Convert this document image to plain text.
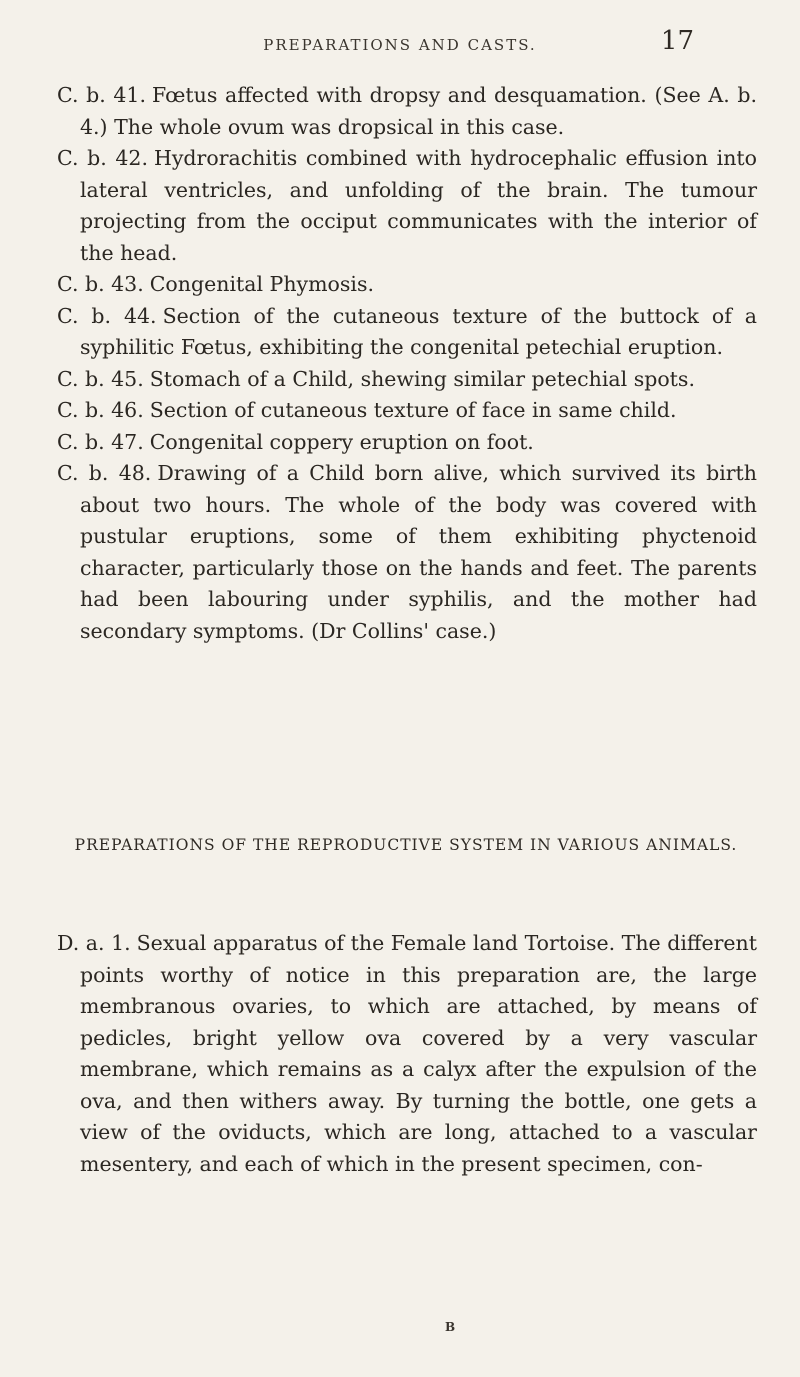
PREPARATIONS AND CASTS.	17

C. b. 41. Fœtus affected with dropsy and desquamation. (See A. b. 4.) The whole ovum was dropsical in this case.

C. b. 42. Hydrorachitis combined with hydrocephalic effusion into lateral ventricles, and unfolding of the brain. The tumour projecting from the occiput communicates with the interior of the head.

C. b. 43. Congenital Phymosis.

C. b. 44. Section of the cutaneous texture of the buttock of a syphilitic Fœtus, exhibiting the congenital petechial eruption.

C. b. 45. Stomach of a Child, shewing similar petechial spots.

C. b. 46. Section of cutaneous texture of face in same child.

C. b. 47. Congenital coppery eruption on foot.

C. b. 48. Drawing of a Child born alive, which survived its birth about two hours. The whole of the body was covered with pustular eruptions, some of them exhibiting phyctenoid character, particularly those on the hands and feet. The parents had been labouring under syphilis, and the mother had secondary symptoms. (Dr Collins' case.)

PREPARATIONS OF THE REPRODUCTIVE SYSTEM IN VARIOUS ANIMALS.

D. a. 1. Sexual apparatus of the Female land Tortoise. The different points worthy of notice in this preparation are, the large membranous ovaries, to which are attached, by means of pedicles, bright yellow ova covered by a very vascular membrane, which remains as a calyx after the expulsion of the ova, and then withers away. By turning the bottle, one gets a view of the oviducts, which are long, attached to a vascular mesentery, and each of which in the present specimen, con-

B
